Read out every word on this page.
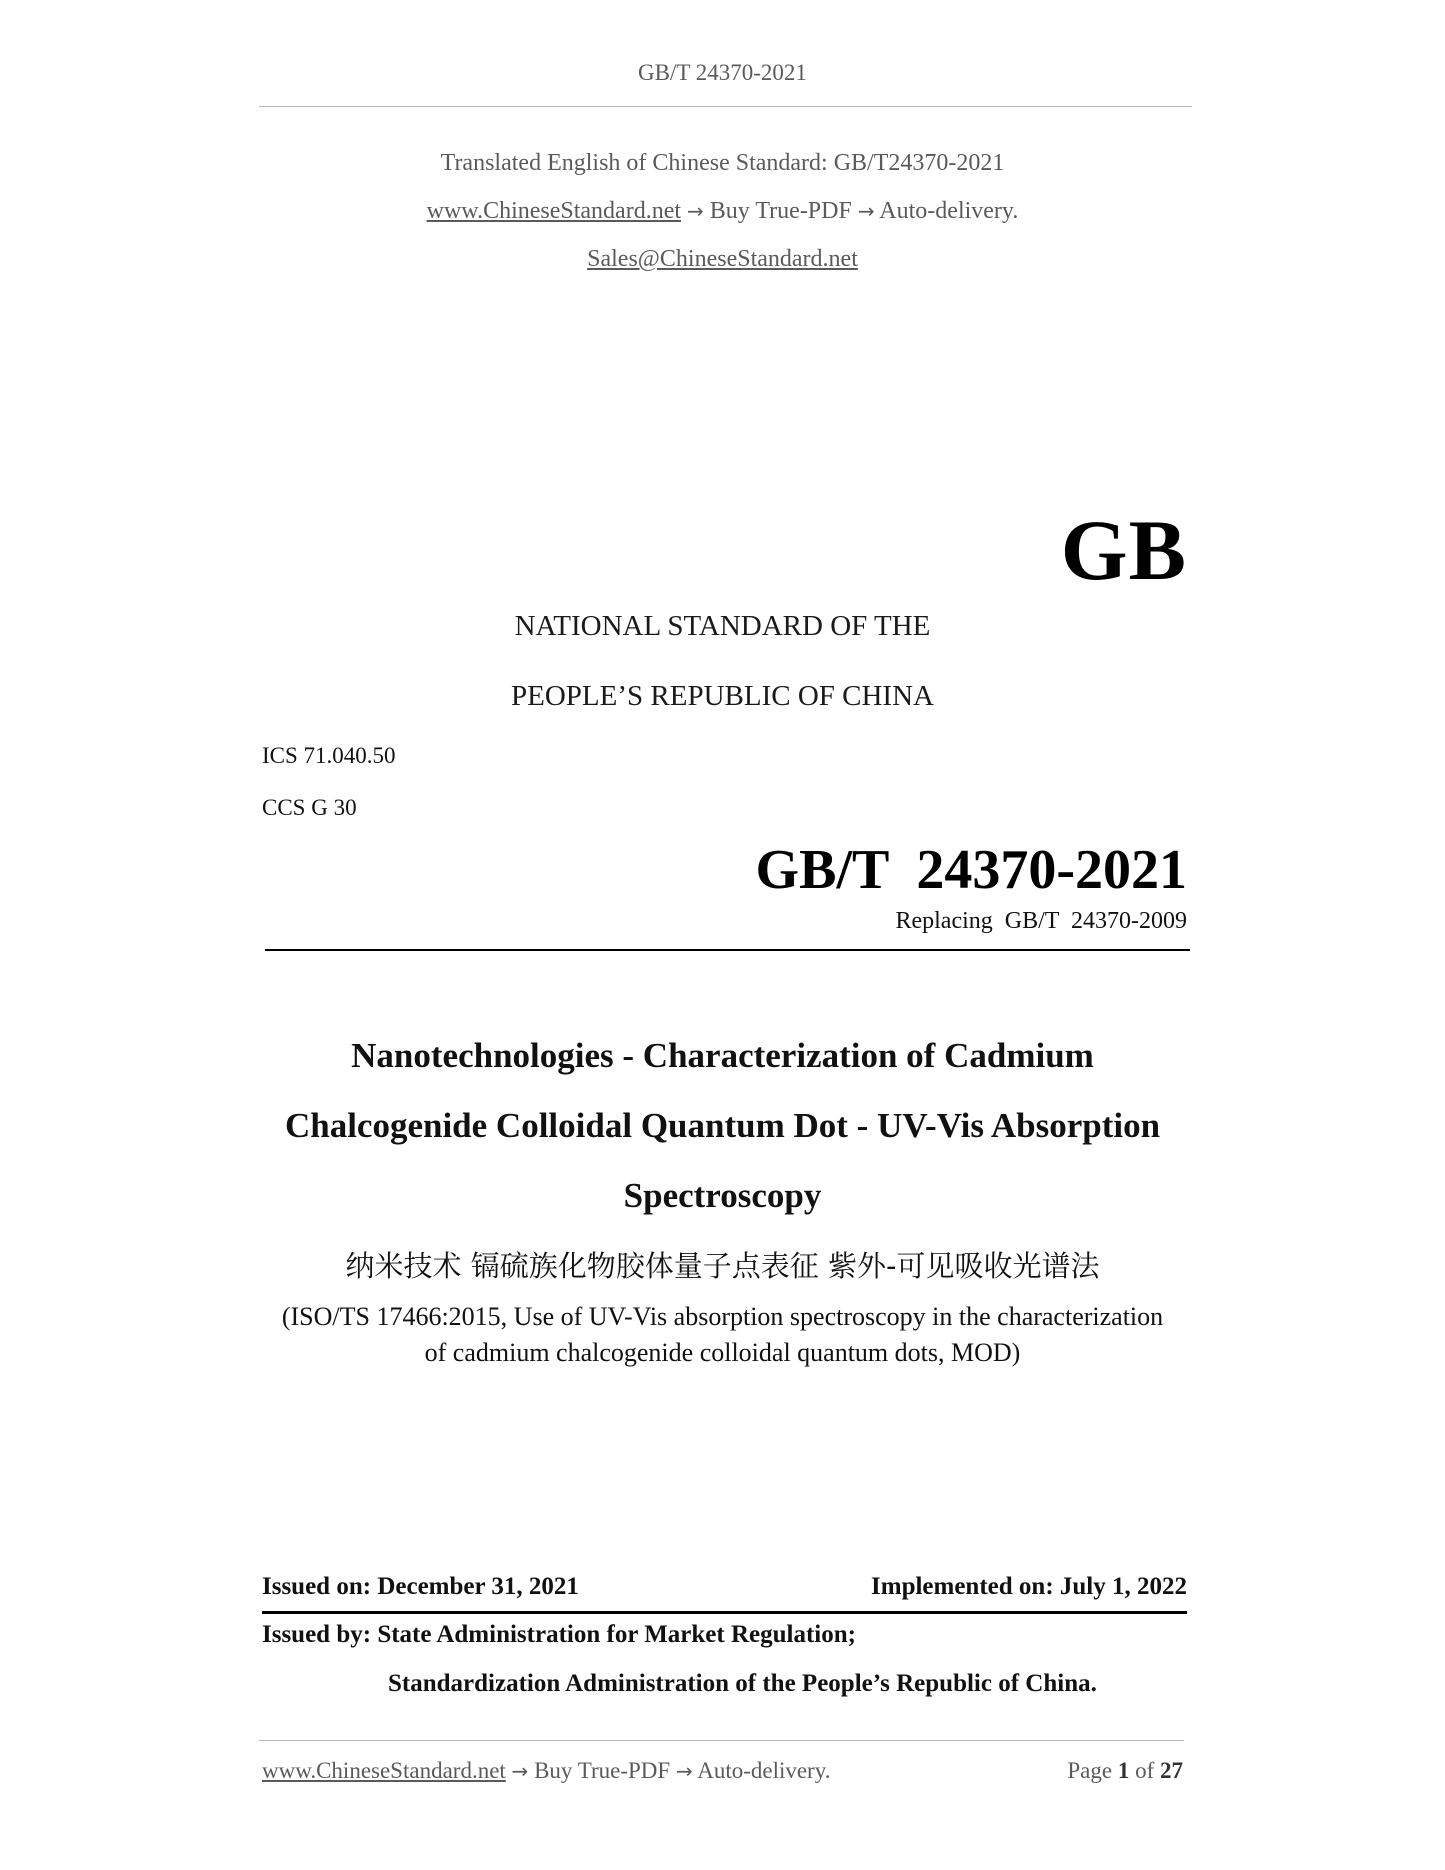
GB/T 24370-2021
Translated English of Chinese Standard: GB/T24370-2021
www.ChineseStandard.net → Buy True-PDF → Auto-delivery.
Sales@ChineseStandard.net
GB
NATIONAL STANDARD OF THE
PEOPLE’S REPUBLIC OF CHINA
ICS 71.040.50
CCS G 30
GB/T  24370-2021
Replacing  GB/T  24370-2009
Nanotechnologies - Characterization of Cadmium
Chalcogenide Colloidal Quantum Dot - UV-Vis Absorption
Spectroscopy
纳米技术 镉硫族化物胶体量子点表征 紫外-可见吸收光谱法
(ISO/TS 17466:2015, Use of UV-Vis absorption spectroscopy in the characterization
of cadmium chalcogenide colloidal quantum dots, MOD)
Issued on: December 31, 2021	Implemented on: July 1, 2022
Issued by: State Administration for Market Regulation;
Standardization Administration of the People’s Republic of China.
www.ChineseStandard.net → Buy True-PDF → Auto-delivery.	Page 1 of 27
